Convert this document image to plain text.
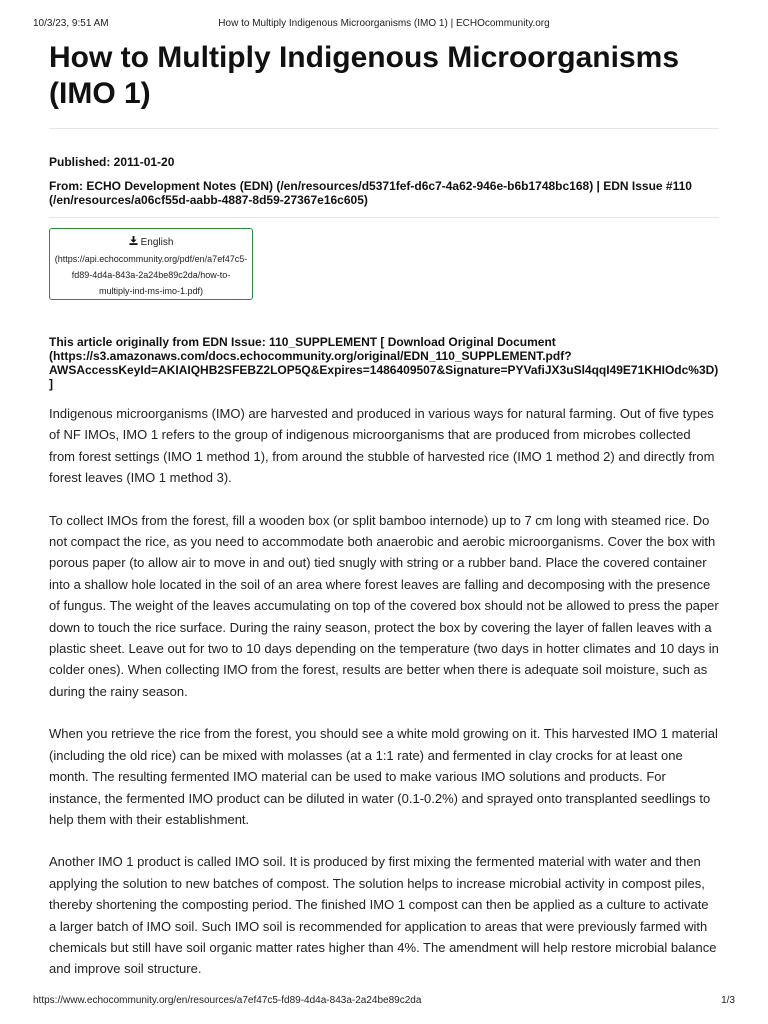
10/3/23, 9:51 AM	How to Multiply Indigenous Microorganisms (IMO 1) | ECHOcommunity.org
How to Multiply Indigenous Microorganisms (IMO 1)
Published: 2011-01-20
From: ECHO Development Notes (EDN) (/en/resources/d5371fef-d6c7-4a62-946e-b6b1748bc168) | EDN Issue #110 (/en/resources/a06cf55d-aabb-4887-8d59-27367e16c605)
English
(https://api.echocommunity.org/pdf/en/a7ef47c5-
fd89-4d4a-843a-2a24be89c2da/how-to-
multiply-ind-ms-imo-1.pdf)
This article originally from EDN Issue: 110_SUPPLEMENT [ Download Original Document (https://s3.amazonaws.com/docs.echocommunity.org/original/EDN_110_SUPPLEMENT.pdf?AWSAccessKeyId=AKIAIQHB2SFEBZ2LOP5Q&Expires=1486409507&Signature=PYVafiJX3uSl4qqI49E71KHIOdc%3D) ]

Indigenous microorganisms (IMO) are harvested and produced in various ways for natural farming. Out of five types of NF IMOs, IMO 1 refers to the group of indigenous microorganisms that are produced from microbes collected from forest settings (IMO 1 method 1), from around the stubble of harvested rice (IMO 1 method 2) and directly from forest leaves (IMO 1 method 3).

To collect IMOs from the forest, fill a wooden box (or split bamboo internode) up to 7 cm long with steamed rice. Do not compact the rice, as you need to accommodate both anaerobic and aerobic microorganisms. Cover the box with porous paper (to allow air to move in and out) tied snugly with string or a rubber band. Place the covered container into a shallow hole located in the soil of an area where forest leaves are falling and decomposing with the presence of fungus. The weight of the leaves accumulating on top of the covered box should not be allowed to press the paper down to touch the rice surface. During the rainy season, protect the box by covering the layer of fallen leaves with a plastic sheet. Leave out for two to 10 days depending on the temperature (two days in hotter climates and 10 days in colder ones). When collecting IMO from the forest, results are better when there is adequate soil moisture, such as during the rainy season.

When you retrieve the rice from the forest, you should see a white mold growing on it. This harvested IMO 1 material (including the old rice) can be mixed with molasses (at a 1:1 rate) and fermented in clay crocks for at least one month. The resulting fermented IMO material can be used to make various IMO solutions and products. For instance, the fermented IMO product can be diluted in water (0.1-0.2%) and sprayed onto transplanted seedlings to help them with their establishment.

Another IMO 1 product is called IMO soil. It is produced by first mixing the fermented material with water and then applying the solution to new batches of compost. The solution helps to increase microbial activity in compost piles, thereby shortening the composting period. The finished IMO 1 compost can then be applied as a culture to activate a larger batch of IMO soil. Such IMO soil is recommended for application to areas that were previously farmed with chemicals but still have soil organic matter rates higher than 4%. The amendment will help restore microbial balance and improve soil structure.

https://www.echocommunity.org/en/resources/a7ef47c5-fd89-4d4a-843a-2a24be89c2da	1/3
